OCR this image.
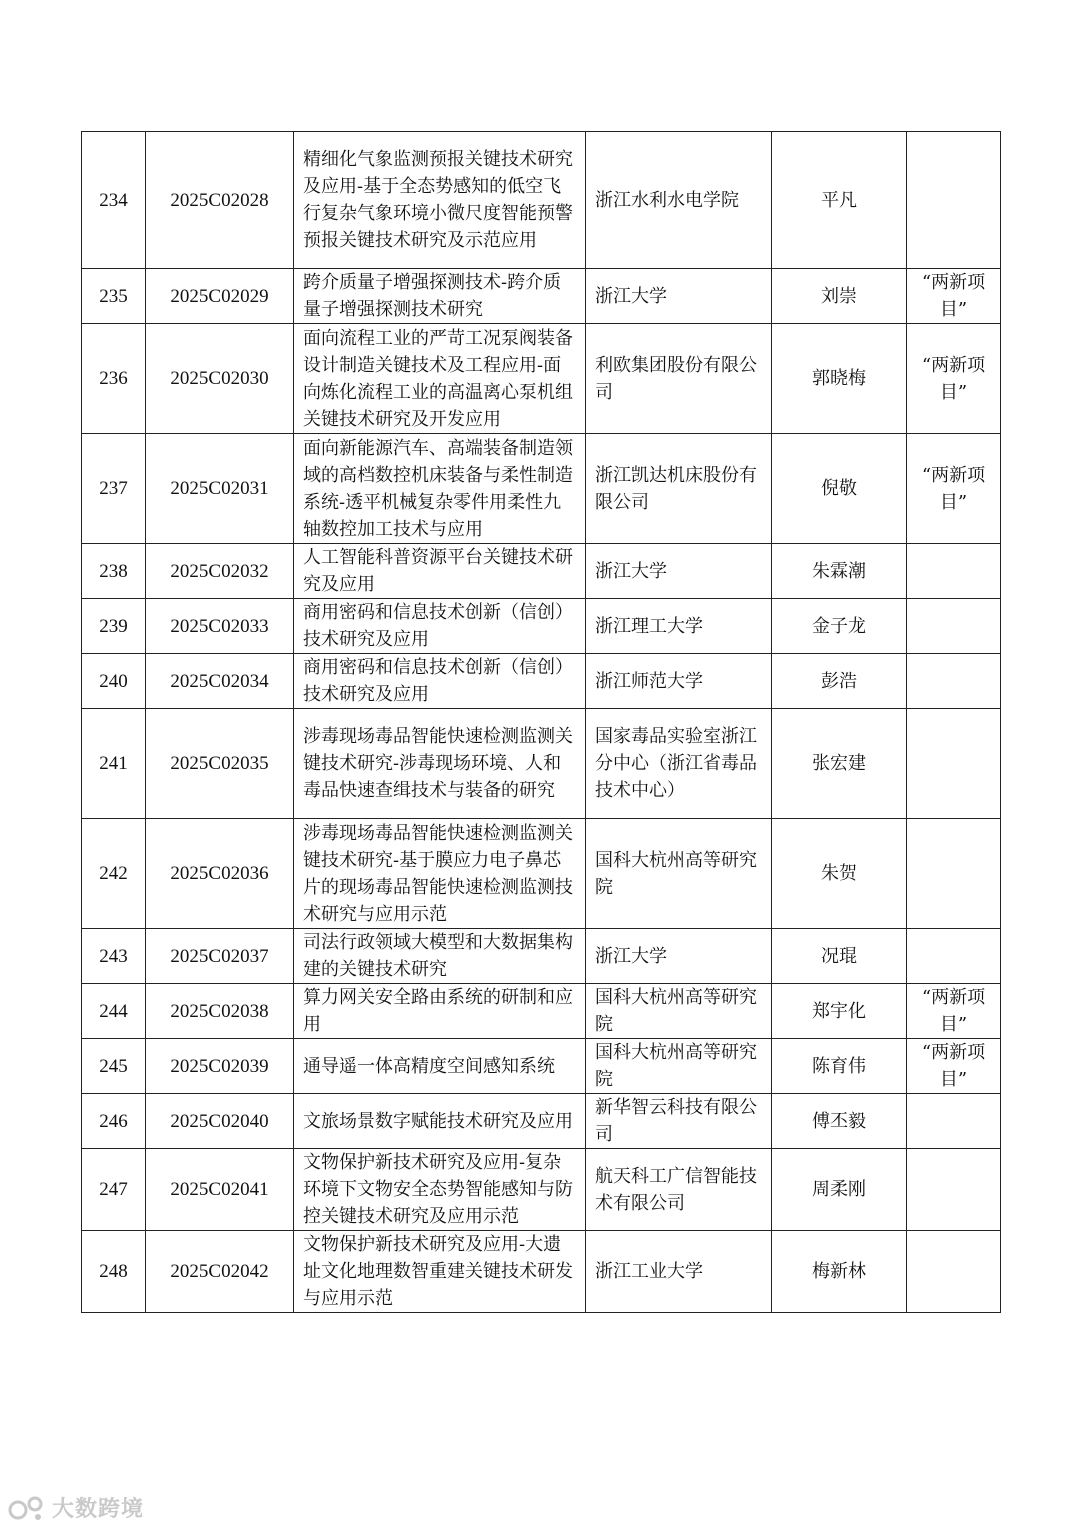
234	2025C02028	精细化气象监测预报关键技术研究及应用-基于全态势感知的低空飞行复杂气象环境小微尺度智能预警预报关键技术研究及示范应用	浙江水利水电学院	平凡	
235	2025C02029	跨介质量子增强探测技术-跨介质量子增强探测技术研究	浙江大学	刘崇	“两新项目”
236	2025C02030	面向流程工业的严苛工况泵阀装备设计制造关键技术及工程应用-面向炼化流程工业的高温离心泵机组关键技术研究及开发应用	利欧集团股份有限公司	郭晓梅	“两新项目”
237	2025C02031	面向新能源汽车、高端装备制造领域的高档数控机床装备与柔性制造系统-透平机械复杂零件用柔性九轴数控加工技术与应用	浙江凯达机床股份有限公司	倪敬	“两新项目”
238	2025C02032	人工智能科普资源平台关键技术研究及应用	浙江大学	朱霖潮	
239	2025C02033	商用密码和信息技术创新（信创）技术研究及应用	浙江理工大学	金子龙	
240	2025C02034	商用密码和信息技术创新（信创）技术研究及应用	浙江师范大学	彭浩	
241	2025C02035	涉毒现场毒品智能快速检测监测关键技术研究-涉毒现场环境、人和毒品快速查缉技术与装备的研究	国家毒品实验室浙江分中心（浙江省毒品技术中心）	张宏建	
242	2025C02036	涉毒现场毒品智能快速检测监测关键技术研究-基于膜应力电子鼻芯片的现场毒品智能快速检测监测技术研究与应用示范	国科大杭州高等研究院	朱贺	
243	2025C02037	司法行政领域大模型和大数据集构建的关键技术研究	浙江大学	况琨	
244	2025C02038	算力网关安全路由系统的研制和应用	国科大杭州高等研究院	郑宇化	“两新项目”
245	2025C02039	通导遥一体高精度空间感知系统	国科大杭州高等研究院	陈育伟	“两新项目”
246	2025C02040	文旅场景数字赋能技术研究及应用	新华智云科技有限公司	傅丕毅	
247	2025C02041	文物保护新技术研究及应用-复杂环境下文物安全态势智能感知与防控关键技术研究及应用示范	航天科工广信智能技术有限公司	周柔刚	
248	2025C02042	文物保护新技术研究及应用-大遗址文化地理数智重建关键技术研发与应用示范	浙江工业大学	梅新林	
大数跨境
